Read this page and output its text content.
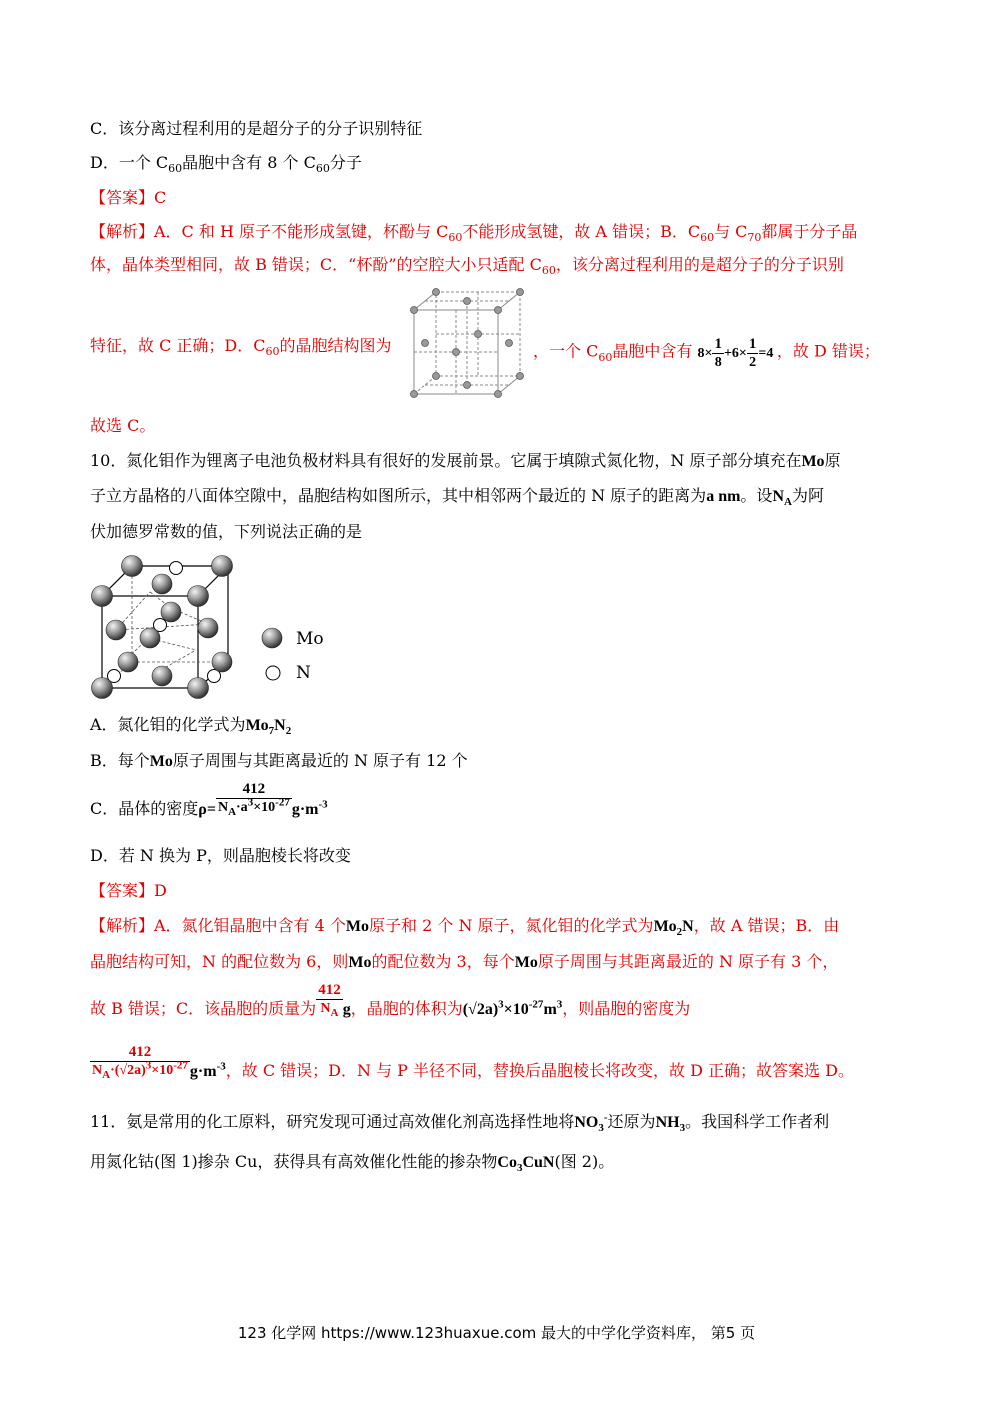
C．该分离过程利用的是超分子的分子识别特征
D．一个 $C_{60}$晶胞中含有 8 个 $C_{60}$分子
【答案】C
【解析】A．C 和 H 原子不能形成氢键，杯酚与 $C_{60}$不能形成氢键，故 A 错误；B．$C_{60}$与 $C_{70}$都属于分子晶
体，晶体类型相同，故 B 错误；C．“杯酚”的空腔大小只适配 $C_{60}$，该分离过程利用的是超分子的分子识别
特征，故 C 正确；D．$C_{60}$的晶胞结构图为	，一个 $C_{60}$晶胞中含有 $8\times \frac{1}{8} +6\times \frac{1}{2} =4$ ，故 D 错误；
故选 C。
10．氮化钼作为锂离子电池负极材料具有很好的发展前景。它属于填隙式氮化物，N 原子部分填充在Mo原
子立方晶格的八面体空隙中，晶胞结构如图所示，其中相邻两个最近的 N 原子的距离为a nm。设$N_A$为阿
伏加德罗常数的值，下列说法正确的是
Mo
N
A．氮化钼的化学式为$Mo_7N_2$
B．每个Mo原子周围与其距离最近的 N 原子有 12 个
C．晶体的密度$\rho= \frac{412}{N_A\cdot a^3\times 10^{-27}} g\cdot m^{-3}$
D．若 N 换为 P，则晶胞棱长将改变
【答案】D
【解析】A．氮化钼晶胞中含有 4 个Mo原子和 2 个 N 原子，氮化钼的化学式为$Mo_2N$，故 A 错误；B．由
晶胞结构可知，N 的配位数为 6，则Mo的配位数为 3，每个Mo原子周围与其距离最近的 N 原子有 3 个，
故 B 错误；C．该晶胞的质量为 $\frac{412}{N_A}$ g，晶胞的体积为$(√2a)^3\times 10^{-27}m^3$，则晶胞的密度为
$\frac{412}{N_A\cdot(√2a)^3\times 10^{-27}} g\cdot m^{-3}$，故 C 错误；D．N 与 P 半径不同，替换后晶胞棱长将改变，故 D 正确；故答案选 D。
11．氨是常用的化工原料，研究发现可通过高效催化剂高选择性地将$NO_3^-$还原为$NH_3$。我国科学工作者利
用氮化钴(图 1)掺杂 Cu，获得具有高效催化性能的掺杂物$Co_3CuN$(图 2)。
123 化学网 https://www.123huaxue.com 最大的中学化学资料库， 第5 页
